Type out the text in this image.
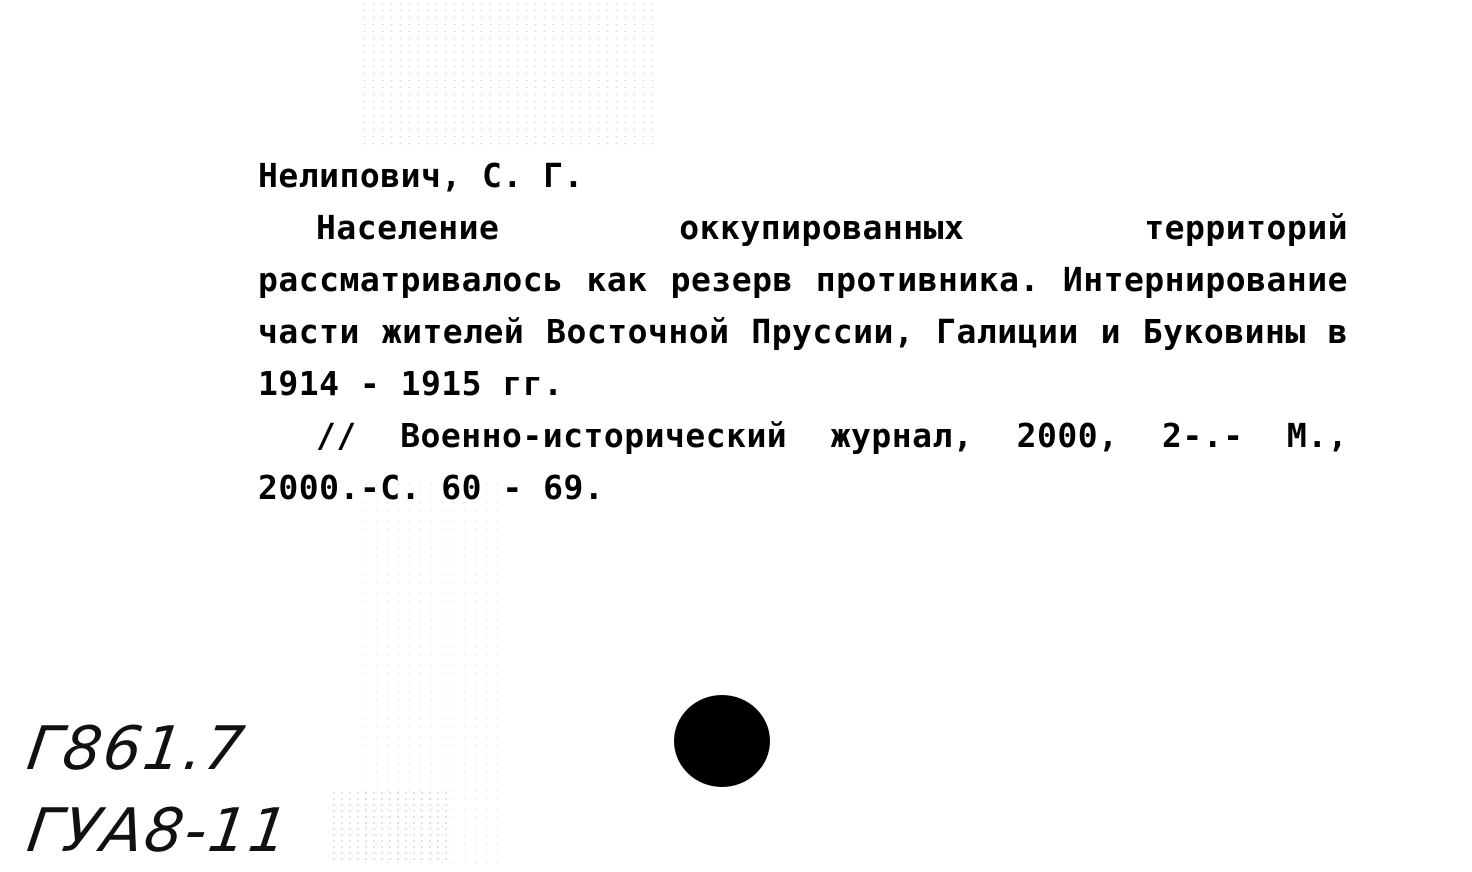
Нелипович, С. Г.
Население оккупированных территорий рассматривалось как резерв противника. Интернирование части жителей Восточной Пруссии, Галиции и Буковины в 1914 - 1915 гг.
// Военно-исторический журнал, 2000, 2-.- М., 2000.-С. 60 - 69.
Г861.7
ГУА8-11
